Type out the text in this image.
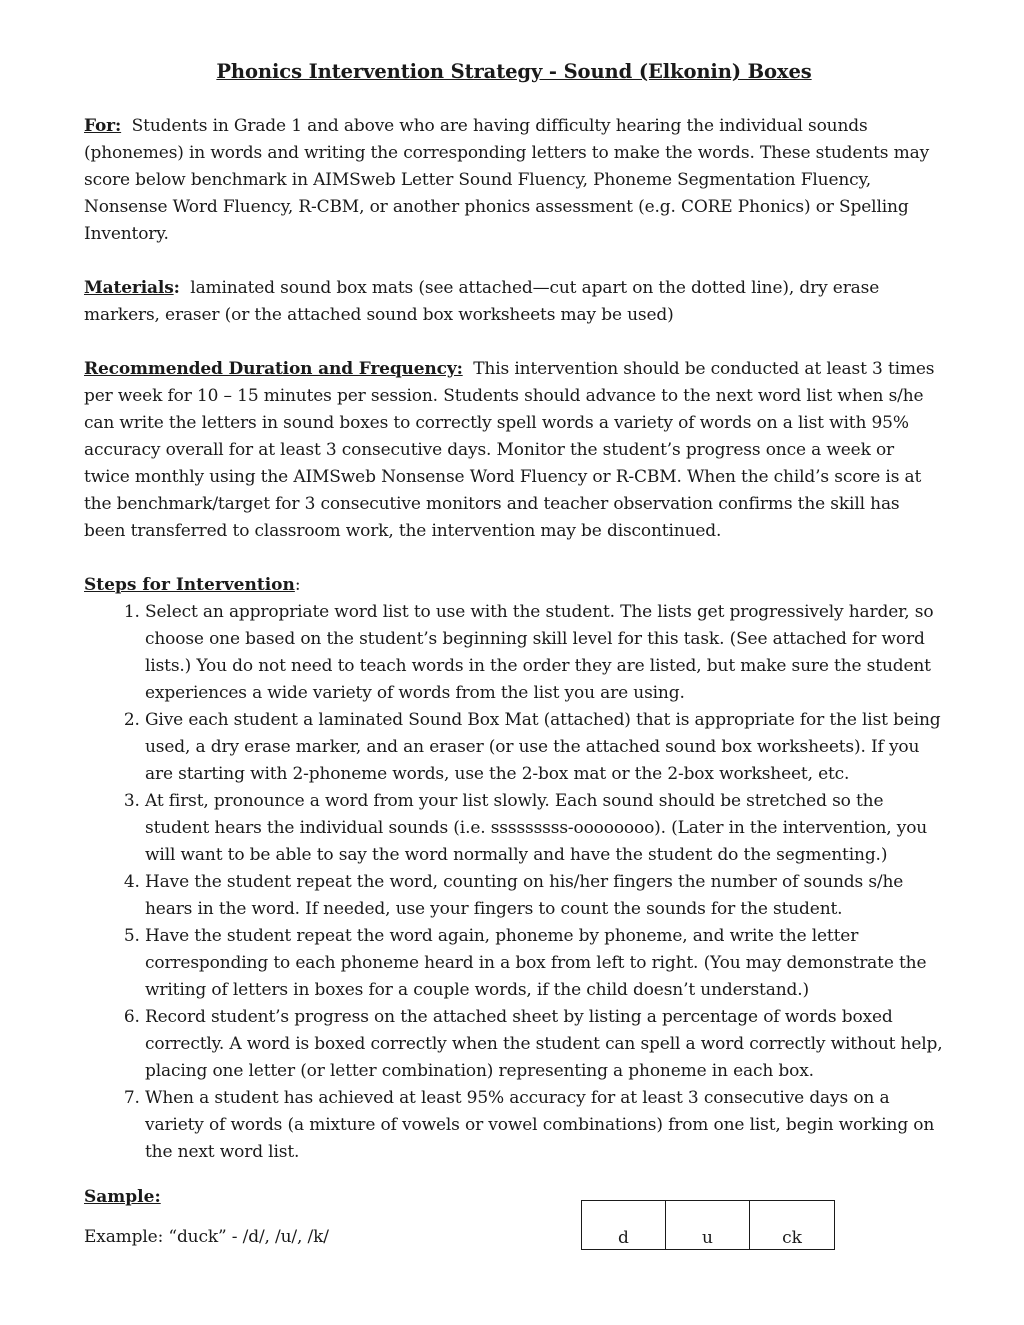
Phonics Intervention Strategy - Sound (Elkonin) Boxes

For: Students in Grade 1 and above who are having difficulty hearing the individual sounds (phonemes) in words and writing the corresponding letters to make the words. These students may score below benchmark in AIMSweb Letter Sound Fluency, Phoneme Segmentation Fluency, Nonsense Word Fluency, R-CBM, or another phonics assessment (e.g. CORE Phonics) or Spelling Inventory.

Materials: laminated sound box mats (see attached—cut apart on the dotted line), dry erase markers, eraser (or the attached sound box worksheets may be used)

Recommended Duration and Frequency: This intervention should be conducted at least 3 times per week for 10 – 15 minutes per session. Students should advance to the next word list when s/he can write the letters in sound boxes to correctly spell words a variety of words on a list with 95% accuracy overall for at least 3 consecutive days. Monitor the student’s progress once a week or twice monthly using the AIMSweb Nonsense Word Fluency or R-CBM. When the child’s score is at the benchmark/target for 3 consecutive monitors and teacher observation confirms the skill has been transferred to classroom work, the intervention may be discontinued.

Steps for Intervention:

1. Select an appropriate word list to use with the student. The lists get progressively harder, so choose one based on the student’s beginning skill level for this task. (See attached for word lists.) You do not need to teach words in the order they are listed, but make sure the student experiences a wide variety of words from the list you are using.
2. Give each student a laminated Sound Box Mat (attached) that is appropriate for the list being used, a dry erase marker, and an eraser (or use the attached sound box worksheets). If you are starting with 2-phoneme words, use the 2-box mat or the 2-box worksheet, etc.
3. At first, pronounce a word from your list slowly. Each sound should be stretched so the student hears the individual sounds (i.e. sssssssss-oooooooo). (Later in the intervention, you will want to be able to say the word normally and have the student do the segmenting.)
4. Have the student repeat the word, counting on his/her fingers the number of sounds s/he hears in the word. If needed, use your fingers to count the sounds for the student.
5. Have the student repeat the word again, phoneme by phoneme, and write the letter corresponding to each phoneme heard in a box from left to right. (You may demonstrate the writing of letters in boxes for a couple words, if the child doesn’t understand.)
6. Record student’s progress on the attached sheet by listing a percentage of words boxed correctly. A word is boxed correctly when the student can spell a word correctly without help, placing one letter (or letter combination) representing a phoneme in each box.
7. When a student has achieved at least 95% accuracy for at least 3 consecutive days on a variety of words (a mixture of vowels or vowel combinations) from one list, begin working on the next word list.

Sample:

Example: “duck” - /d/, /u/, /k/	d	u	ck
